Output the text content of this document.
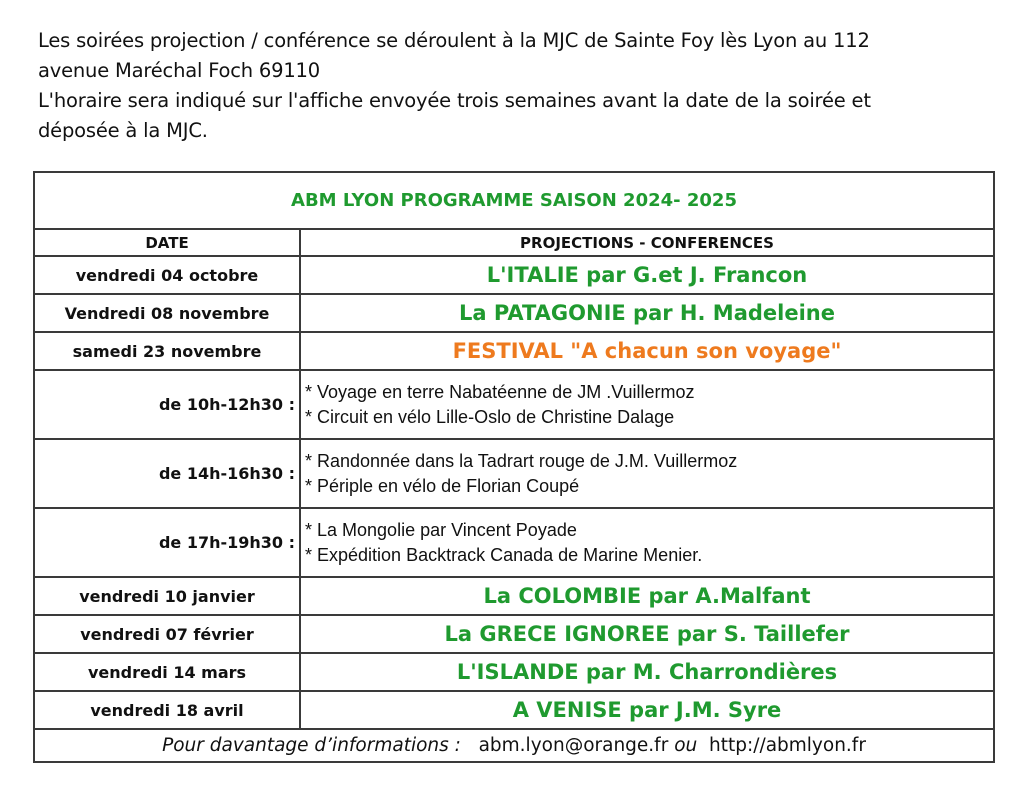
Les soirées projection / conférence se déroulent à la MJC de Sainte Foy lès Lyon au 112
avenue Maréchal Foch 69110
L'horaire sera indiqué sur l'affiche envoyée trois semaines avant la date de la soirée et
déposée à la MJC.
ABM LYON PROGRAMME SAISON 2024- 2025	
DATE	PROJECTIONS - CONFERENCES
vendredi 04 octobre	L'ITALIE par G.et J. Francon
Vendredi 08 novembre	La PATAGONIE par H. Madeleine
samedi 23 novembre	FESTIVAL "A chacun son voyage"
de 10h-12h30 :	* Voyage en terre Nabatéenne de JM .Vuillermoz
* Circuit en vélo Lille-Oslo de Christine Dalage

de 14h-16h30 :	* Randonnée dans la Tadrart rouge de J.M. Vuillermoz
* Périple en vélo de Florian Coupé

de 17h-19h30 :	* La Mongolie par Vincent Poyade
* Expédition Backtrack Canada de Marine Menier.

vendredi 10 janvier	La COLOMBIE par A.Malfant
vendredi 07 février	La GRECE IGNOREE par S. Taillefer
vendredi 14 mars	L'ISLANDE par M. Charrondières
vendredi 18 avril	A VENISE par J.M. Syre
Pour davantage d’informations : abm.lyon@orange.fr ou http://abmlyon.fr	
